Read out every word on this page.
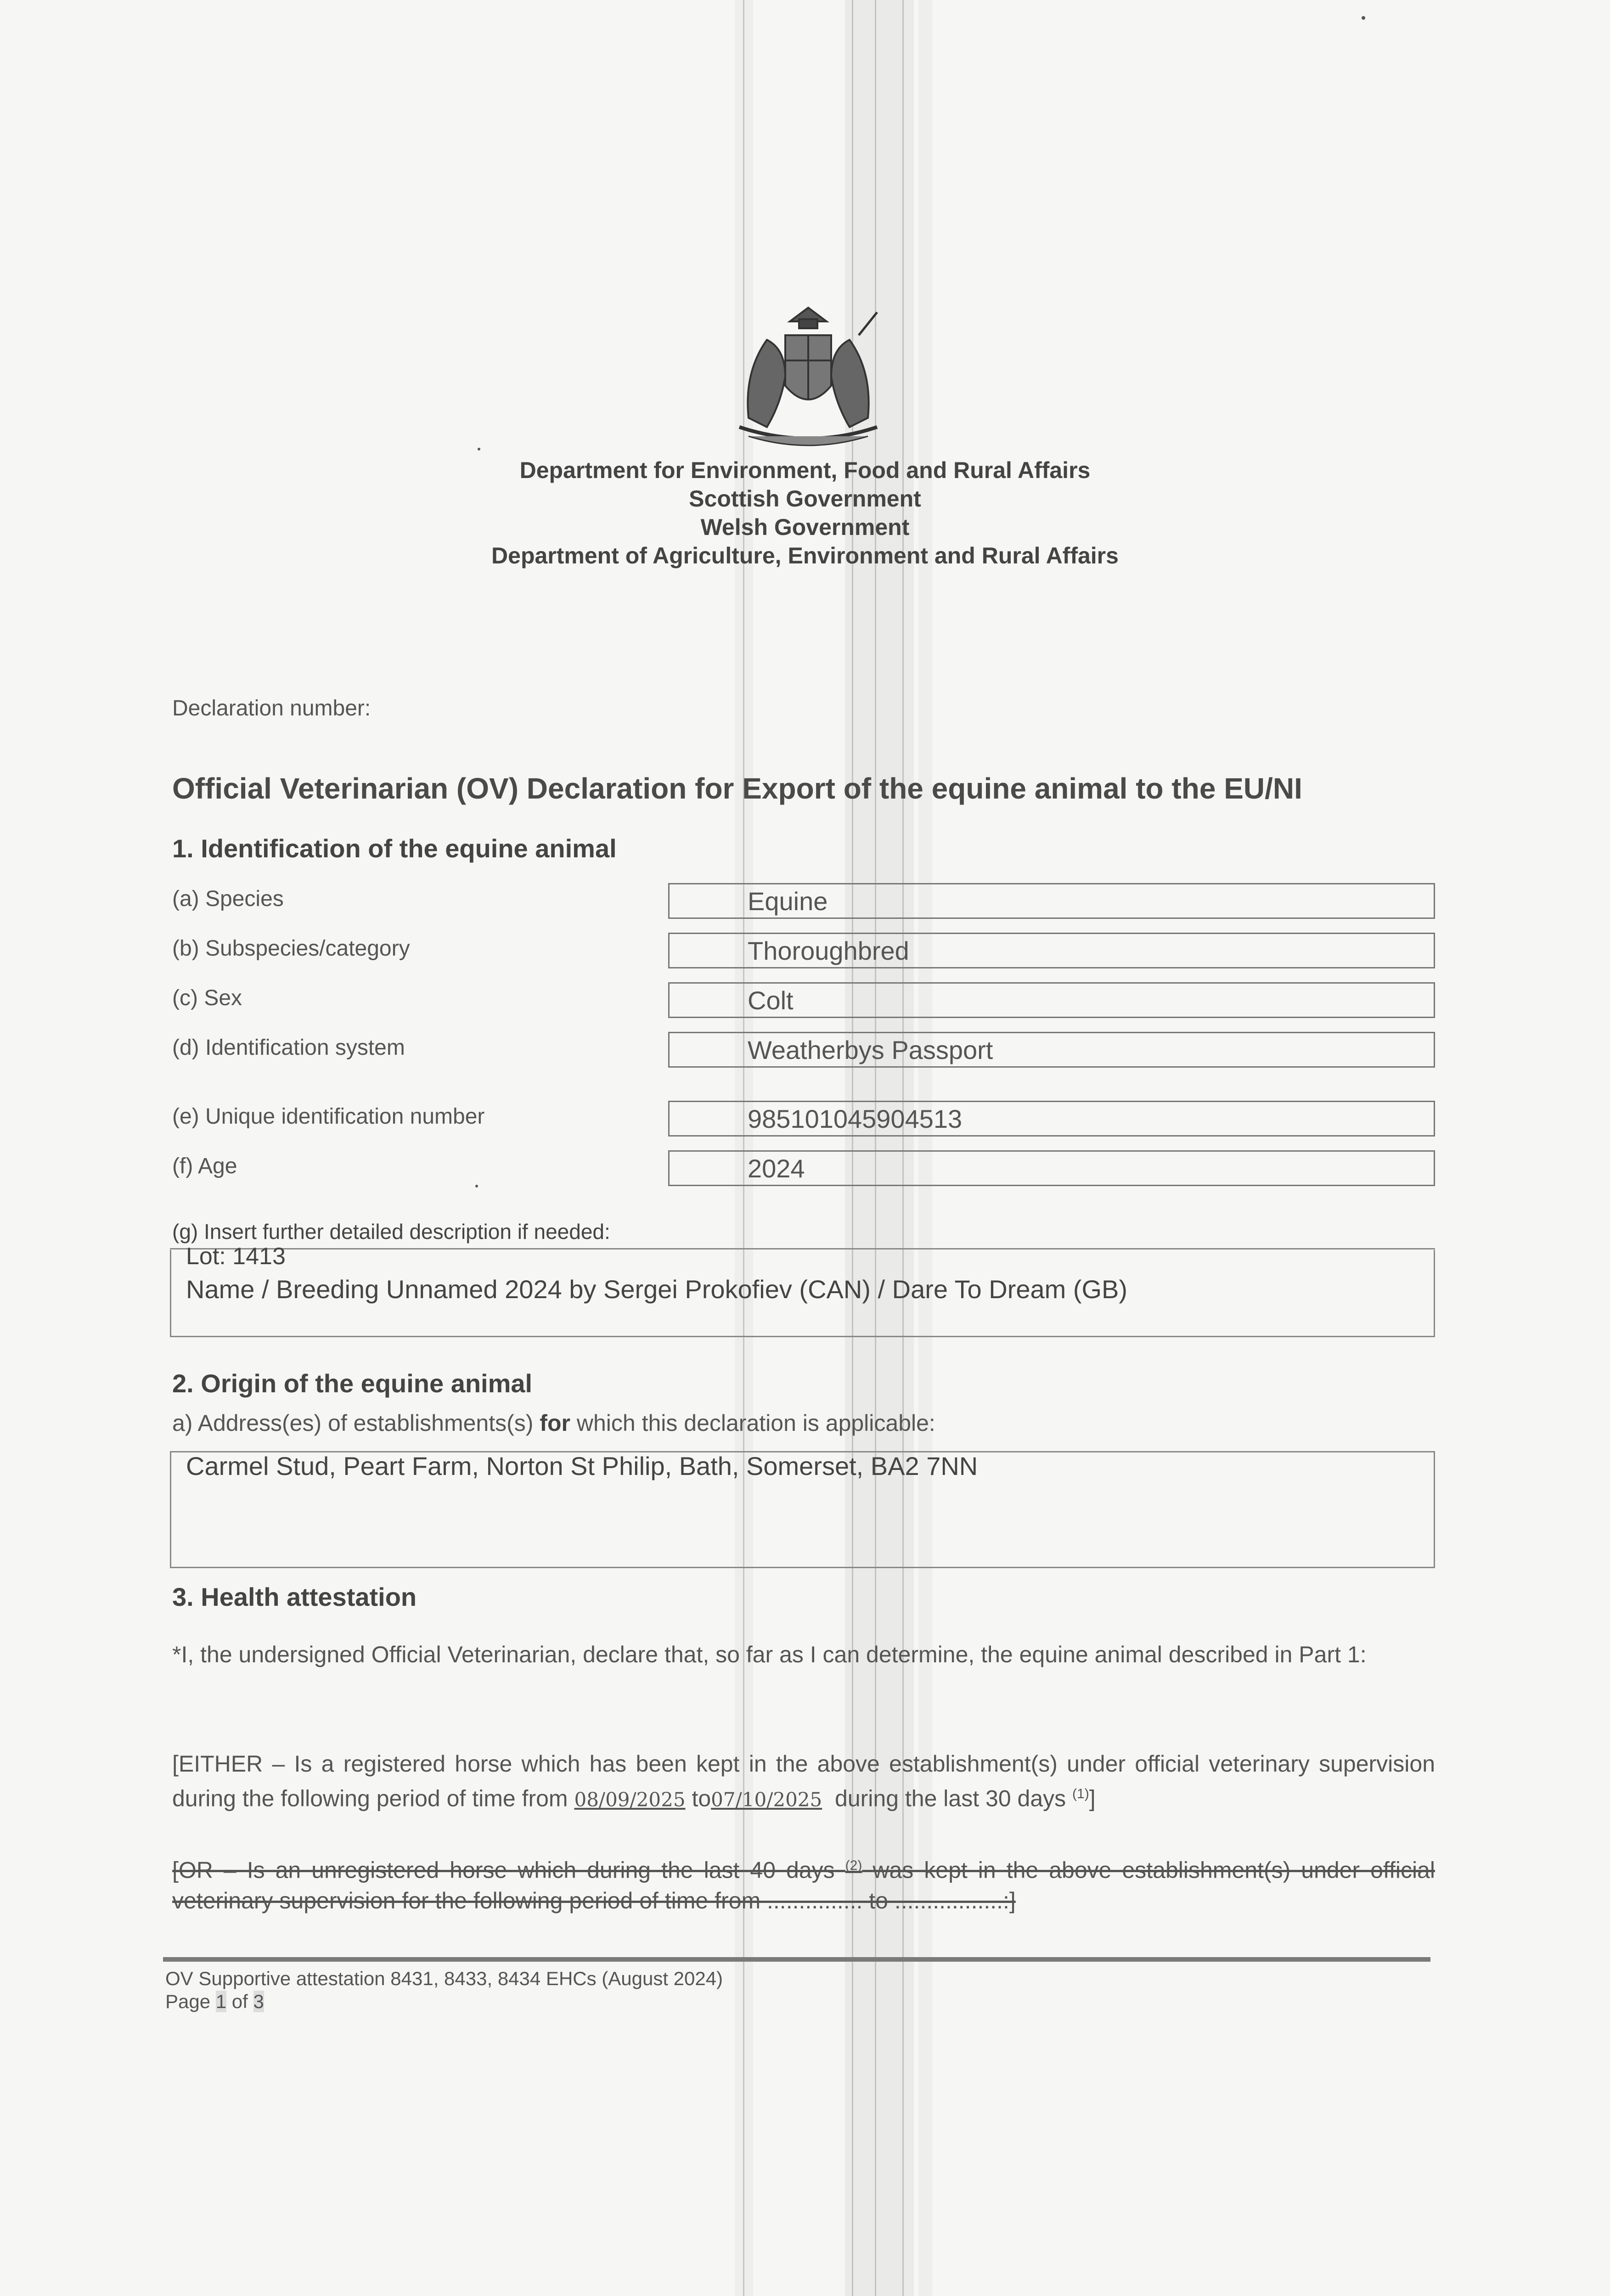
Department for Environment, Food and Rural Affairs
Scottish Government
Welsh Government
Department of Agriculture, Environment and Rural Affairs
Declaration number:
Official Veterinarian (OV) Declaration for Export of the equine animal to the EU/NI
1. Identification of the equine animal
(a) Species	Equine
(b) Subspecies/category	Thoroughbred
(c) Sex	Colt
(d) Identification system	Weatherbys Passport
(e) Unique identification number	985101045904513
(f) Age	2024
(g) Insert further detailed description if needed:
Lot: 1413
Name / Breeding Unnamed 2024 by Sergei Prokofiev (CAN) / Dare To Dream (GB)
2. Origin of the equine animal
a) Address(es) of establishments(s) for which this declaration is applicable:
Carmel Stud, Peart Farm, Norton St Philip, Bath, Somerset, BA2 7NN
3. Health attestation
*I, the undersigned Official Veterinarian, declare that, so far as I can determine, the equine animal described in Part 1:
[EITHER – Is a registered horse which has been kept in the above establishment(s) under official veterinary supervision during the following period of time from 08/09/2025 to07/10/2025 during the last 30 days $^{(1)}$]
[OR – Is an unregistered horse which during the last 40 days $^{(2)}$ was kept in the above establishment(s) under official veterinary supervision for the following period of time from ............... to .................:]
OV Supportive attestation 8431, 8433, 8434 EHCs (August 2024)
Page 1 of 3
